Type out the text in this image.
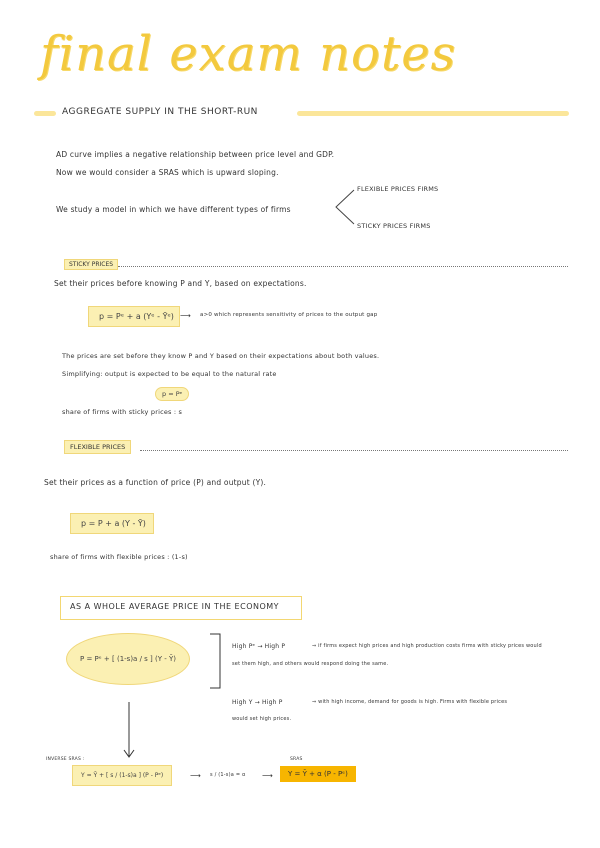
final exam notes
AGGREGATE SUPPLY IN THE SHORT-RUN
AD curve implies a negative relationship between price level and GDP.
Now we would consider a SRAS which is upward sloping.
We study a model in which we have different types of firms
FLEXIBLE PRICES FIRMS
STICKY PRICES FIRMS
STICKY PRICES
Set their prices before knowing P and Y, based on expectations.
p = Pᵉ + a (Yᵉ - Ȳᵉ) ⟶ a>0 which represents sensitivity of prices to the output gap
The prices are set before they know P and Y based on their expectations about both values.
Simplifying: output is expected to be equal to the natural rate
p = Pᵉ
share of firms with sticky prices : s
FLEXIBLE PRICES
Set their prices as a function of price (P) and output (Y).
p = P + a (Y - Ȳ)
share of firms with flexible prices : (1-s)
AS A WHOLE AVERAGE PRICE IN THE ECONOMY
P = Pᵉ + [ (1-s)a / s ] (Y - Ȳ)
High Pᵉ → High P	⇒ if firms expect high prices and high production costs firms with sticky prices would
set them high, and others would respond doing the same.
High Y → High P	⇒ with high income, demand for goods is high. Firms with flexible prices
would set high prices.
INVERSE SRAS :
Y = Ȳ + [ s / (1-s)a ] (P - Pᵉ)	⟶ s / (1-s)a = α ⟶
SRAS
Y = Ȳ + α (P - Pᵉ)
